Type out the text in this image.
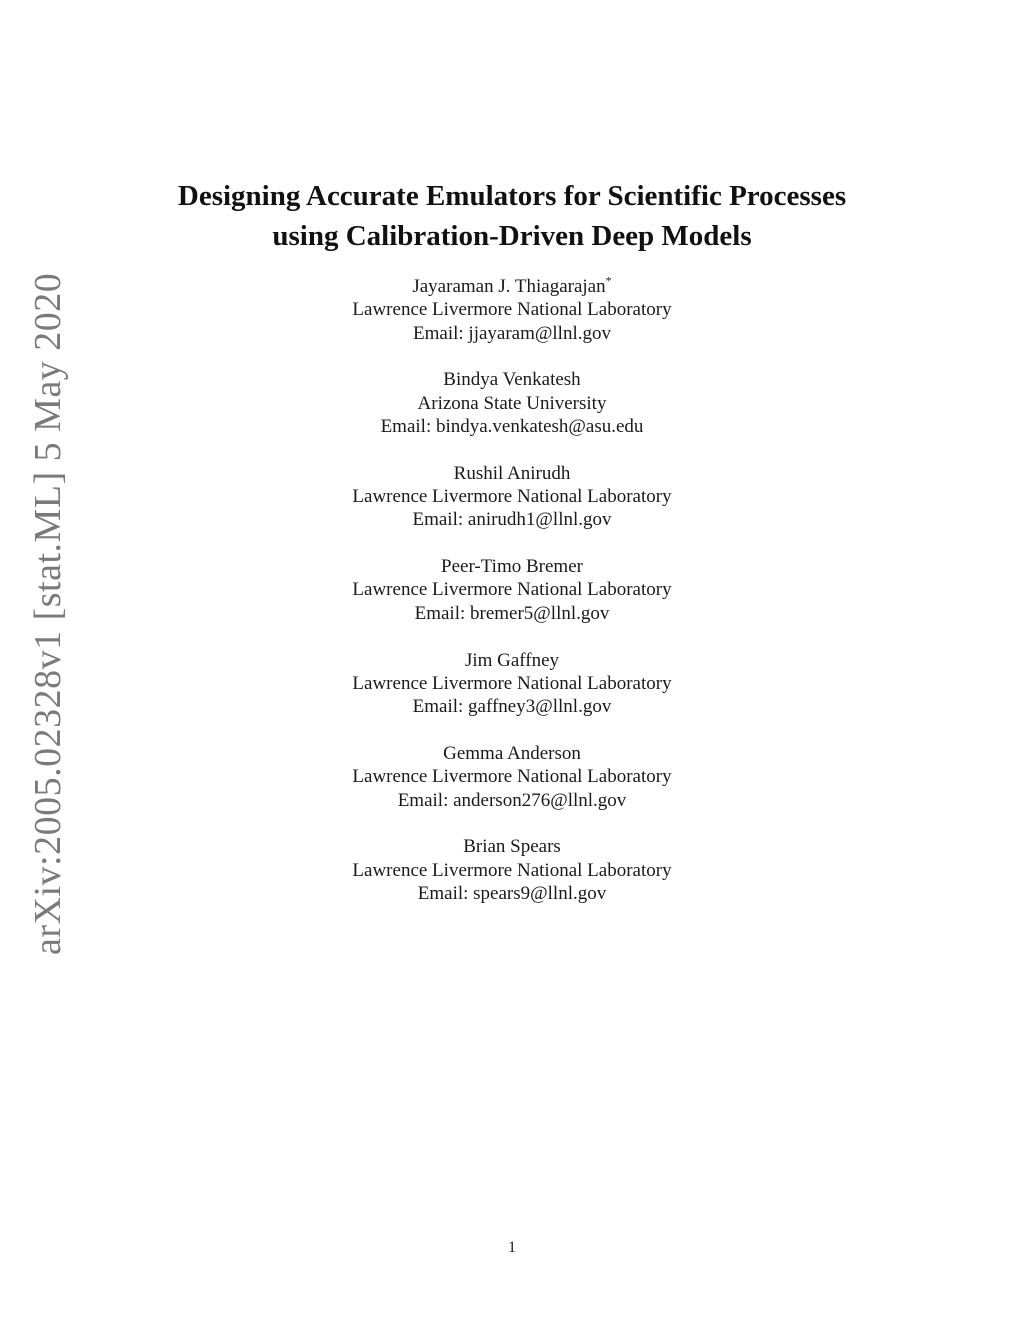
arXiv:2005.02328v1 [stat.ML] 5 May 2020
Designing Accurate Emulators for Scientific Processes
using Calibration-Driven Deep Models
Jayaraman J. Thiagarajan*
Lawrence Livermore National Laboratory
Email: jjayaram@llnl.gov
Bindya Venkatesh
Arizona State University
Email: bindya.venkatesh@asu.edu
Rushil Anirudh
Lawrence Livermore National Laboratory
Email: anirudh1@llnl.gov
Peer-Timo Bremer
Lawrence Livermore National Laboratory
Email: bremer5@llnl.gov
Jim Gaffney
Lawrence Livermore National Laboratory
Email: gaffney3@llnl.gov
Gemma Anderson
Lawrence Livermore National Laboratory
Email: anderson276@llnl.gov
Brian Spears
Lawrence Livermore National Laboratory
Email: spears9@llnl.gov
1
